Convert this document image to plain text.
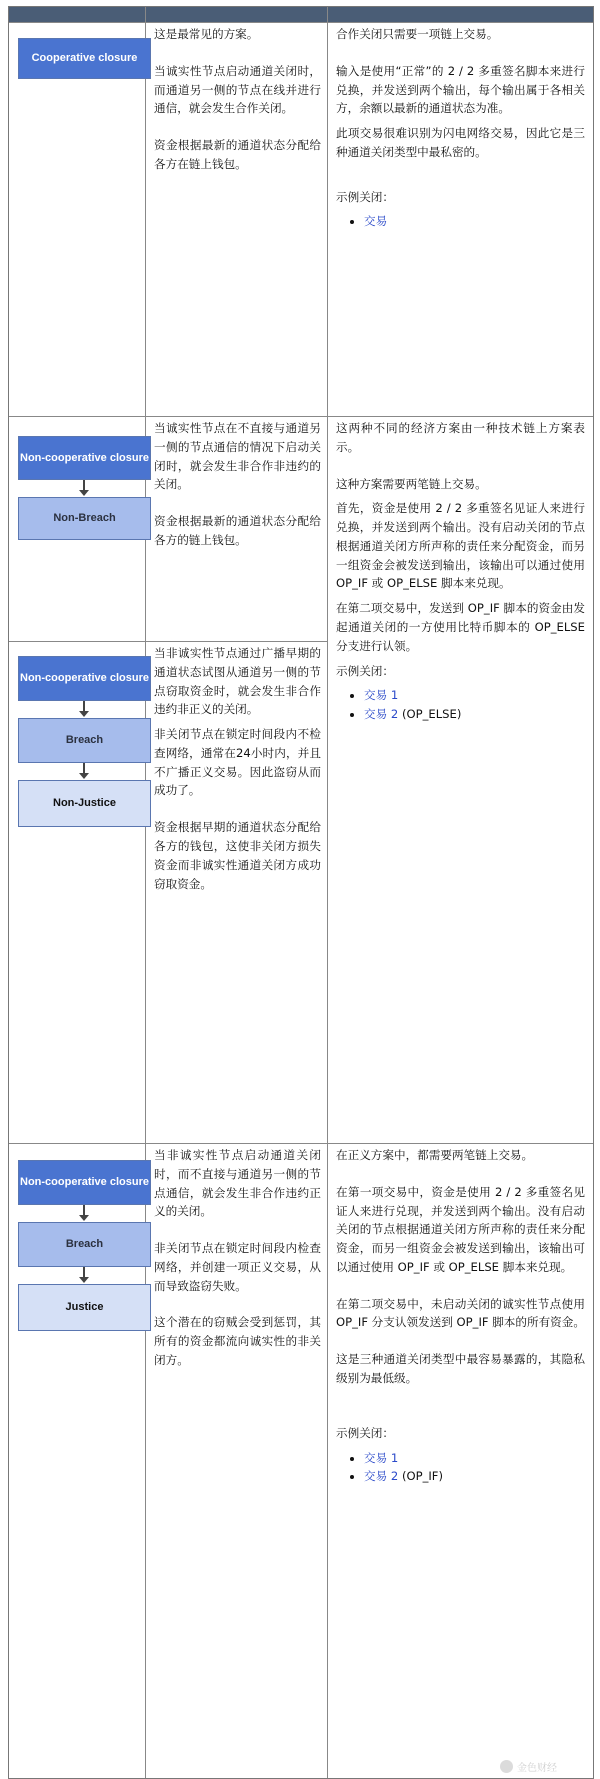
Cooperative closure

这是最常见的方案。

当诚实性节点启动通道关闭时，而通道另一侧的节点在线并进行通信，就会发生合作关闭。

资金根据最新的通道状态分配给各方在链上钱包。

合作关闭只需要一项链上交易。

输入是使用“正常”的 2 / 2 多重签名脚本来进行兑换，并发送到两个输出，每个输出属于各相关方，余额以最新的通道状态为准。

此项交易很难识别为闪电网络交易，因此它是三种通道关闭类型中最私密的。

示例关闭：

• 交易
Non-cooperative closure
Non-Breach

当诚实性节点在不直接与通道另一侧的节点通信的情况下启动关闭时，就会发生非合作非违约的关闭。

资金根据最新的通道状态分配给各方的链上钱包。

这两种不同的经济方案由一种技术链上方案表示。

这种方案需要两笔链上交易。

首先，资金是使用 2 / 2 多重签名见证人来进行兑换，并发送到两个输出。没有启动关闭的节点根据通道关闭方所声称的责任来分配资金，而另一组资金会被发送到输出，该输出可以通过使用 OP_IF 或 OP_ELSE 脚本来兑现。

在第二项交易中，发送到 OP_IF 脚本的资金由发起通道关闭的一方使用比特币脚本的 OP_ELSE 分支进行认领。

示例关闭：

• 交易 1
• 交易 2 (OP_ELSE)
Non-cooperative closure
Breach
Non-Justice

当非诚实性节点通过广播早期的通道状态试图从通道另一侧的节点窃取资金时，就会发生非合作违约非正义的关闭。

非关闭节点在锁定时间段内不检查网络，通常在24小时内，并且不广播正义交易。因此盗窃从而成功了。

资金根据早期的通道状态分配给各方的钱包，这使非关闭方损失资金而非诚实性通道关闭方成功窃取资金。

Non-cooperative closure
Breach
Justice

当非诚实性节点启动通道关闭时，而不直接与通道另一侧的节点通信，就会发生非合作违约正义的关闭。

非关闭节点在锁定时间段内检查网络，并创建一项正义交易，从而导致盗窃失败。

这个潜在的窃贼会受到惩罚，其所有的资金都流向诚实性的非关闭方。

在正义方案中，都需要两笔链上交易。

在第一项交易中，资金是使用 2 / 2 多重签名见证人来进行兑现，并发送到两个输出。没有启动关闭的节点根据通道关闭方所声称的责任来分配资金，而另一组资金会被发送到输出，该输出可以通过使用 OP_IF 或 OP_ELSE 脚本来兑现。

在第二项交易中，未启动关闭的诚实性节点使用 OP_IF 分支认领发送到 OP_IF 脚本的所有资金。

这是三种通道关闭类型中最容易暴露的，其隐私级别为最低级。

示例关闭：

• 交易 1
• 交易 2 (OP_IF)
金色财经
